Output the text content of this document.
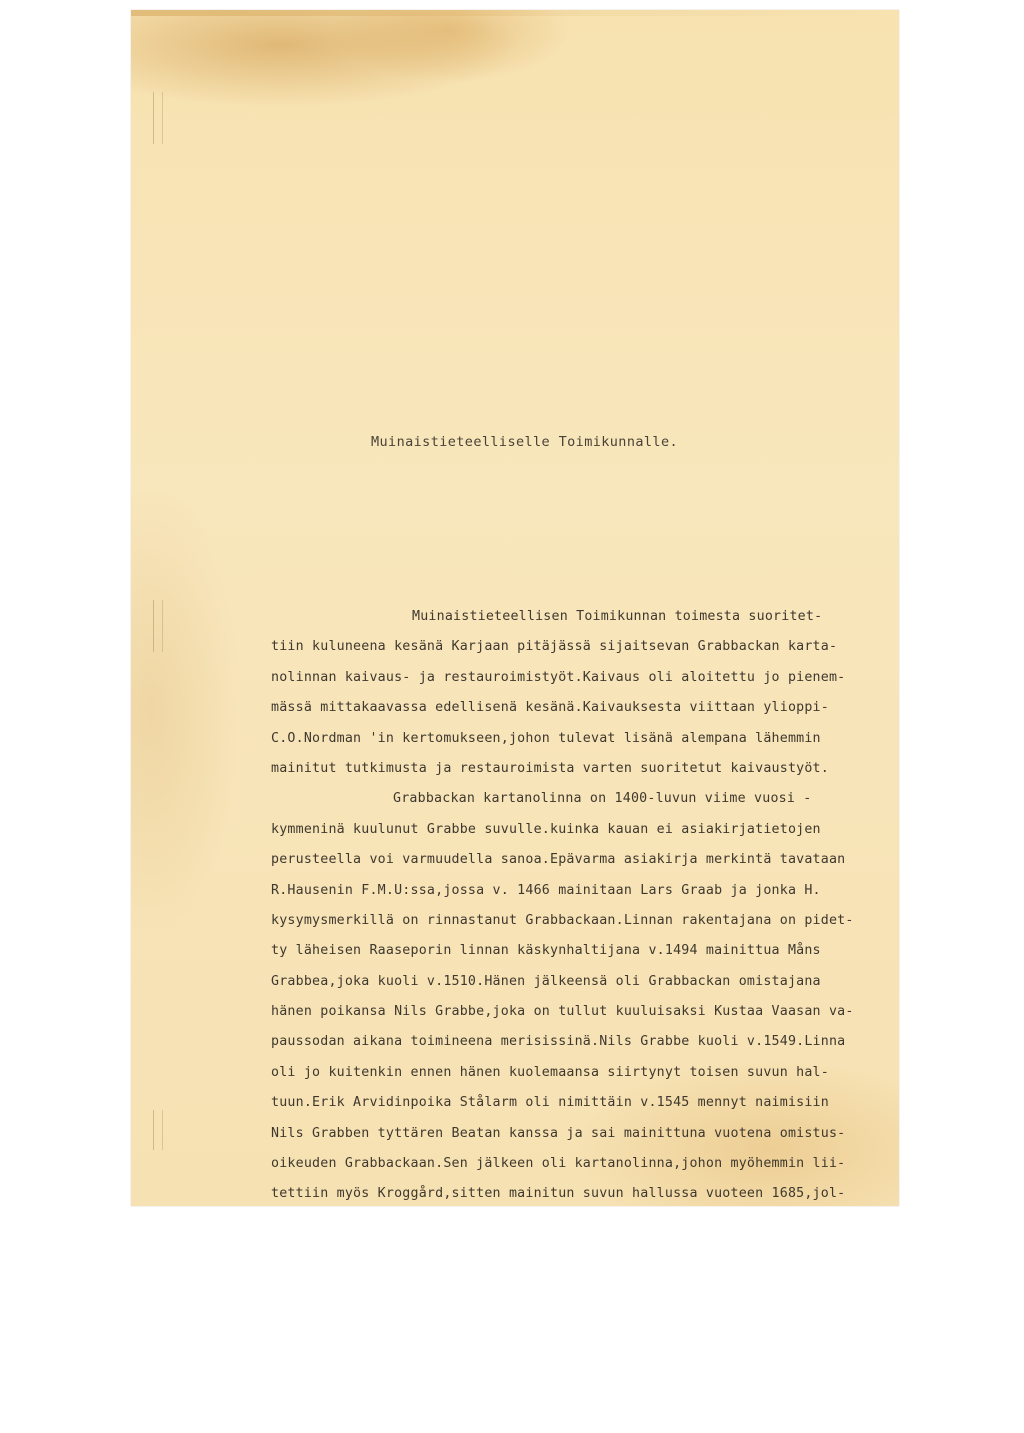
Muinaistieteelliselle Toimikunnalle.
Muinaistieteellisen Toimikunnan toimesta suoritet-
tiin kuluneena kesänä Karjaan pitäjässä sijaitsevan Grabbackan karta-
nolinnan kaivaus- ja restauroimistyöt.Kaivaus oli aloitettu jo pienem-
mässä mittakaavassa edellisenä kesänä.Kaivauksesta viittaan ylioppi-
C.O.Nordman 'in kertomukseen,johon tulevat lisänä alempana lähemmin
mainitut tutkimusta ja restauroimista varten suoritetut kaivaustyöt.
Grabbackan kartanolinna on 1400-luvun viime vuosi -
kymmeninä kuulunut Grabbe suvulle.kuinka kauan ei asiakirjatietojen
perusteella voi varmuudella sanoa.Epävarma asiakirja merkintä tavataan
R.Hausenin F.M.U:ssa,jossa v. 1466 mainitaan Lars Graab ja jonka H.
kysymysmerkillä on rinnastanut Grabbackaan.Linnan rakentajana on pidet-
ty läheisen Raaseporin linnan käskynhaltijana v.1494 mainittua Måns
Grabbea,joka kuoli v.1510.Hänen jälkeensä oli Grabbackan omistajana
hänen poikansa Nils Grabbe,joka on tullut kuuluisaksi Kustaa Vaasan va-
paussodan aikana toimineena merisissinä.Nils Grabbe kuoli v.1549.Linna
oli jo kuitenkin ennen hänen kuolemaansa siirtynyt toisen suvun hal-
tuun.Erik Arvidinpoika Stålarm oli nimittäin v.1545 mennyt naimisiin
Nils Grabben tyttären Beatan kanssa ja sai mainittuna vuotena omistus-
oikeuden Grabbackaan.Sen jälkeen oli kartanolinna,johon myöhemmin lii-
tettiin myös Kroggård,sitten mainitun suvun hallussa vuoteen 1685,jol-
